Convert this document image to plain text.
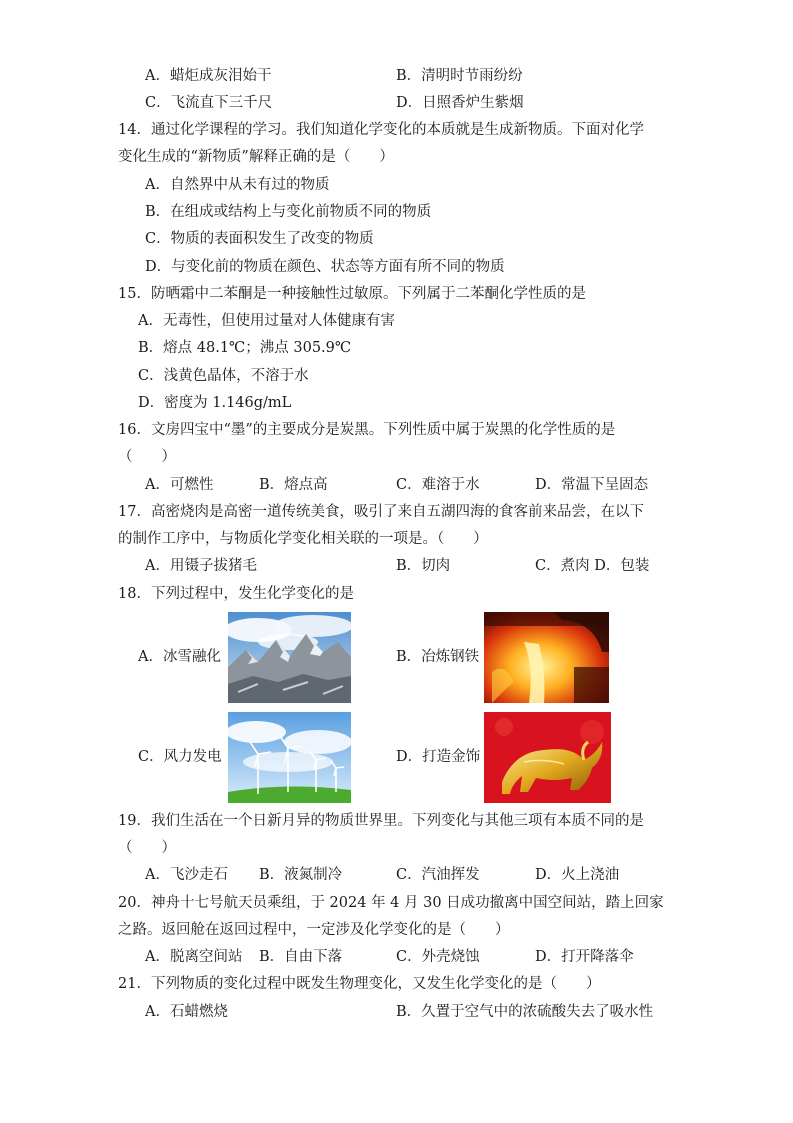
A．蜡炬成灰泪始干	B．清明时节雨纷纷
C．飞流直下三千尺	D．日照香炉生紫烟
14．通过化学课程的学习。我们知道化学变化的本质就是生成新物质。下面对化学
变化生成的“新物质”解释正确的是（　　）
A．自然界中从未有过的物质
B．在组成或结构上与变化前物质不同的物质
C．物质的表面积发生了改变的物质
D．与变化前的物质在颜色、状态等方面有所不同的物质
15．防晒霜中二苯酮是一种接触性过敏原。下列属于二苯酮化学性质的是
A．无毒性，但使用过量对人体健康有害
B．熔点 48.1℃；沸点 305.9℃
C．浅黄色晶体，不溶于水
D．密度为 1.146g/mL
16．文房四宝中“墨”的主要成分是炭黑。下列性质中属于炭黑的化学性质的是
（　　）
A．可燃性	B．熔点高	C．难溶于水	D．常温下呈固态
17．高密烧肉是高密一道传统美食，吸引了来自五湖四海的食客前来品尝，在以下
的制作工序中，与物质化学变化相关联的一项是。（　　）
A．用镊子拔猪毛	B．切肉	C．煮肉 D．包装
18．下列过程中，发生化学变化的是
A．冰雪融化	B．冶炼钢铁
C．风力发电	D．打造金饰
19．我们生活在一个日新月异的物质世界里。下列变化与其他三项有本质不同的是
（　　）
A．飞沙走石 B．液氮制冷	C．汽油挥发	D．火上浇油
20．神舟十七号航天员乘组，于 2024 年 4 月 30 日成功撤离中国空间站，踏上回家
之路。返回舱在返回过程中，一定涉及化学变化的是（　　）
A．脱离空间站 B．自由下落	C．外壳烧蚀	D．打开降落伞
21．下列物质的变化过程中既发生物理变化，又发生化学变化的是（　　）
A．石蜡燃烧	B．久置于空气中的浓硫酸失去了吸水性
